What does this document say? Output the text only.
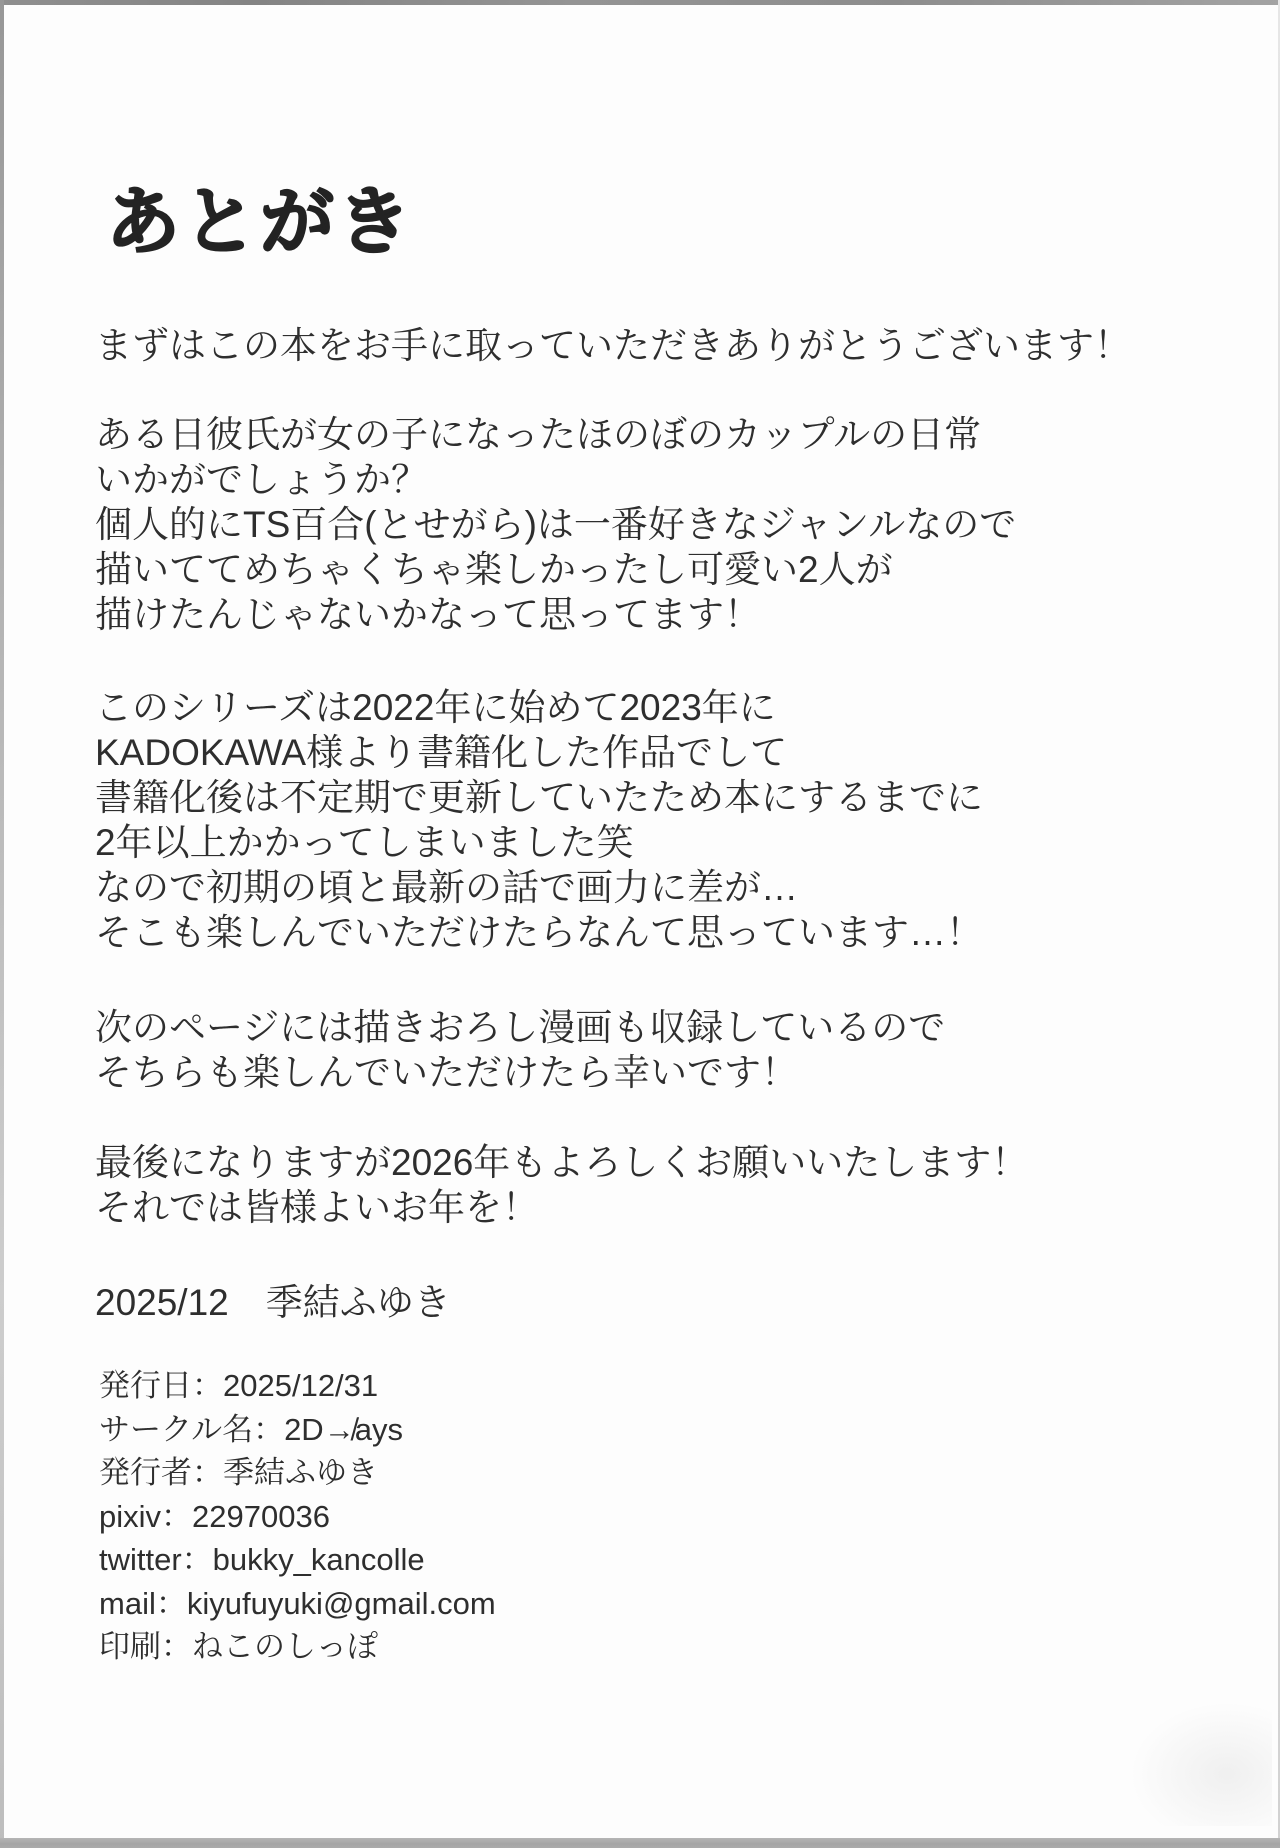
あとがき
まずはこの本をお手に取っていただきありがとうございます！
ある日彼氏が女の子になったほのぼのカップルの日常
いかがでしょうか？
個人的にTS百合(とせがら)は一番好きなジャンルなので
描いててめちゃくちゃ楽しかったし可愛い2人が
描けたんじゃないかなって思ってます！
このシリーズは2022年に始めて2023年に
KADOKAWA様より書籍化した作品でして
書籍化後は不定期で更新していたため本にするまでに
2年以上かかってしまいました笑
なので初期の頃と最新の話で画力に差が…
そこも楽しんでいただけたらなんて思っています…！
次のページには描きおろし漫画も収録しているので
そちらも楽しんでいただけたら幸いです！
最後になりますが2026年もよろしくお願いいたします！
それでは皆様よいお年を！
2025/12　季結ふゆき
発行日：2025/12/31
サークル名：2D↛ays
発行者：季結ふゆき
pixiv：22970036
twitter：bukky_kancolle
mail：kiyufuyuki@gmail.com
印刷：ねこのしっぽ
